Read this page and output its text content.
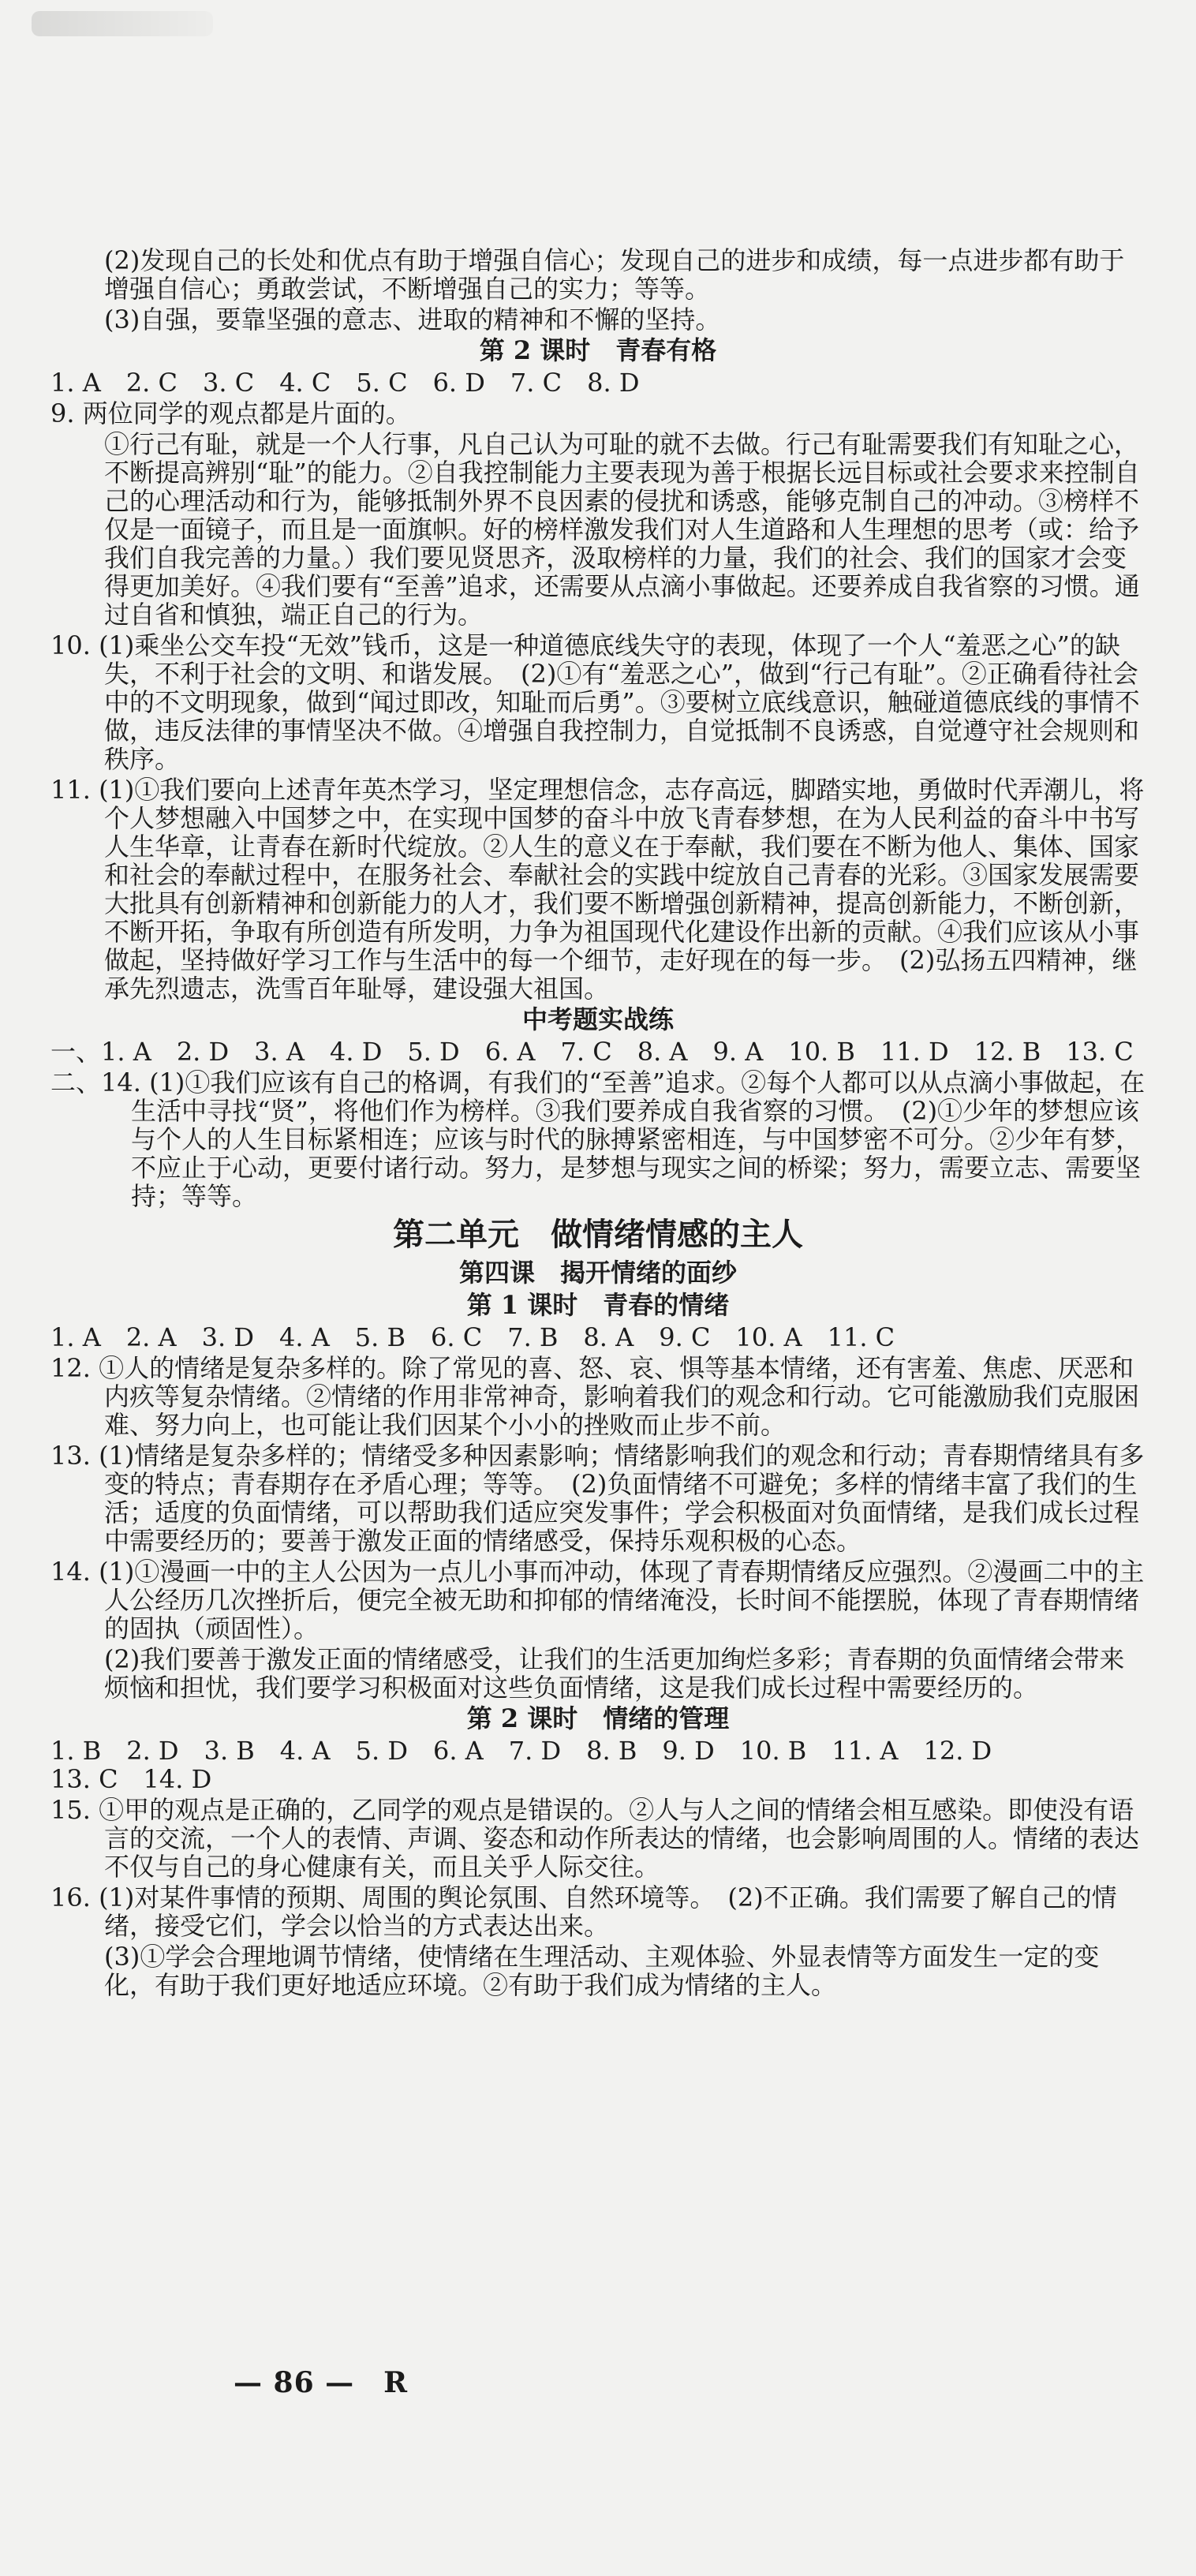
(2)发现自己的长处和优点有助于增强自信心；发现自己的进步和成绩，每一点进步都有助于增强自信心；勇敢尝试，不断增强自己的实力；等等。
(3)自强，要靠坚强的意志、进取的精神和不懈的坚持。
第 2 课时　青春有格
1. A　2. C　3. C　4. C　5. C　6. D　7. C　8. D
9. 两位同学的观点都是片面的。
①行己有耻，就是一个人行事，凡自己认为可耻的就不去做。行己有耻需要我们有知耻之心，不断提高辨别“耻”的能力。②自我控制能力主要表现为善于根据长远目标或社会要求来控制自己的心理活动和行为，能够抵制外界不良因素的侵扰和诱惑，能够克制自己的冲动。③榜样不仅是一面镜子，而且是一面旗帜。好的榜样激发我们对人生道路和人生理想的思考（或：给予我们自我完善的力量。）我们要见贤思齐，汲取榜样的力量，我们的社会、我们的国家才会变得更加美好。④我们要有“至善”追求，还需要从点滴小事做起。还要养成自我省察的习惯。通过自省和慎独，端正自己的行为。
10. (1)乘坐公交车投“无效”钱币，这是一种道德底线失守的表现，体现了一个人“羞恶之心”的缺失，不利于社会的文明、和谐发展。　(2)①有“羞恶之心”，做到“行己有耻”。②正确看待社会中的不文明现象，做到“闻过即改，知耻而后勇”。③要树立底线意识，触碰道德底线的事情不做，违反法律的事情坚决不做。④增强自我控制力，自觉抵制不良诱惑，自觉遵守社会规则和秩序。
11. (1)①我们要向上述青年英杰学习，坚定理想信念，志存高远，脚踏实地，勇做时代弄潮儿，将个人梦想融入中国梦之中，在实现中国梦的奋斗中放飞青春梦想，在为人民利益的奋斗中书写人生华章，让青春在新时代绽放。②人生的意义在于奉献，我们要在不断为他人、集体、国家和社会的奉献过程中，在服务社会、奉献社会的实践中绽放自己青春的光彩。③国家发展需要大批具有创新精神和创新能力的人才，我们要不断增强创新精神，提高创新能力，不断创新，不断开拓，争取有所创造有所发明，力争为祖国现代化建设作出新的贡献。④我们应该从小事做起，坚持做好学习工作与生活中的每一个细节，走好现在的每一步。　(2)弘扬五四精神，继承先烈遗志，洗雪百年耻辱，建设强大祖国。
中考题实战练
一、1. A　2. D　3. A　4. D　5. D　6. A　7. C　8. A　9. A　10. B　11. D　12. B　13. C
二、14. (1)①我们应该有自己的格调，有我们的“至善”追求。②每个人都可以从点滴小事做起，在生活中寻找“贤”，将他们作为榜样。③我们要养成自我省察的习惯。　(2)①少年的梦想应该与个人的人生目标紧相连；应该与时代的脉搏紧密相连，与中国梦密不可分。②少年有梦，不应止于心动，更要付诸行动。努力，是梦想与现实之间的桥梁；努力，需要立志、需要坚持；等等。
第二单元　做情绪情感的主人
第四课　揭开情绪的面纱
第 1 课时　青春的情绪
1. A　2. A　3. D　4. A　5. B　6. C　7. B　8. A　9. C　10. A　11. C
12. ①人的情绪是复杂多样的。除了常见的喜、怒、哀、惧等基本情绪，还有害羞、焦虑、厌恶和内疚等复杂情绪。②情绪的作用非常神奇，影响着我们的观念和行动。它可能激励我们克服困难、努力向上，也可能让我们因某个小小的挫败而止步不前。
13. (1)情绪是复杂多样的；情绪受多种因素影响；情绪影响我们的观念和行动；青春期情绪具有多变的特点；青春期存在矛盾心理；等等。　(2)负面情绪不可避免；多样的情绪丰富了我们的生活；适度的负面情绪，可以帮助我们适应突发事件；学会积极面对负面情绪，是我们成长过程中需要经历的；要善于激发正面的情绪感受，保持乐观积极的心态。
14. (1)①漫画一中的主人公因为一点儿小事而冲动，体现了青春期情绪反应强烈。②漫画二中的主人公经历几次挫折后，便完全被无助和抑郁的情绪淹没，长时间不能摆脱，体现了青春期情绪的固执（顽固性）。
(2)我们要善于激发正面的情绪感受，让我们的生活更加绚烂多彩；青春期的负面情绪会带来烦恼和担忧，我们要学习积极面对这些负面情绪，这是我们成长过程中需要经历的。
第 2 课时　情绪的管理
1. B　2. D　3. B　4. A　5. D　6. A　7. D　8. B　9. D　10. B　11. A　12. D
13. C　14. D
15. ①甲的观点是正确的，乙同学的观点是错误的。②人与人之间的情绪会相互感染。即使没有语言的交流，一个人的表情、声调、姿态和动作所表达的情绪，也会影响周围的人。情绪的表达不仅与自己的身心健康有关，而且关乎人际交往。
16. (1)对某件事情的预期、周围的舆论氛围、自然环境等。　(2)不正确。我们需要了解自己的情绪，接受它们，学会以恰当的方式表达出来。
(3)①学会合理地调节情绪，使情绪在生理活动、主观体验、外显表情等方面发生一定的变化，有助于我们更好地适应环境。②有助于我们成为情绪的主人。
— 86 —　R
